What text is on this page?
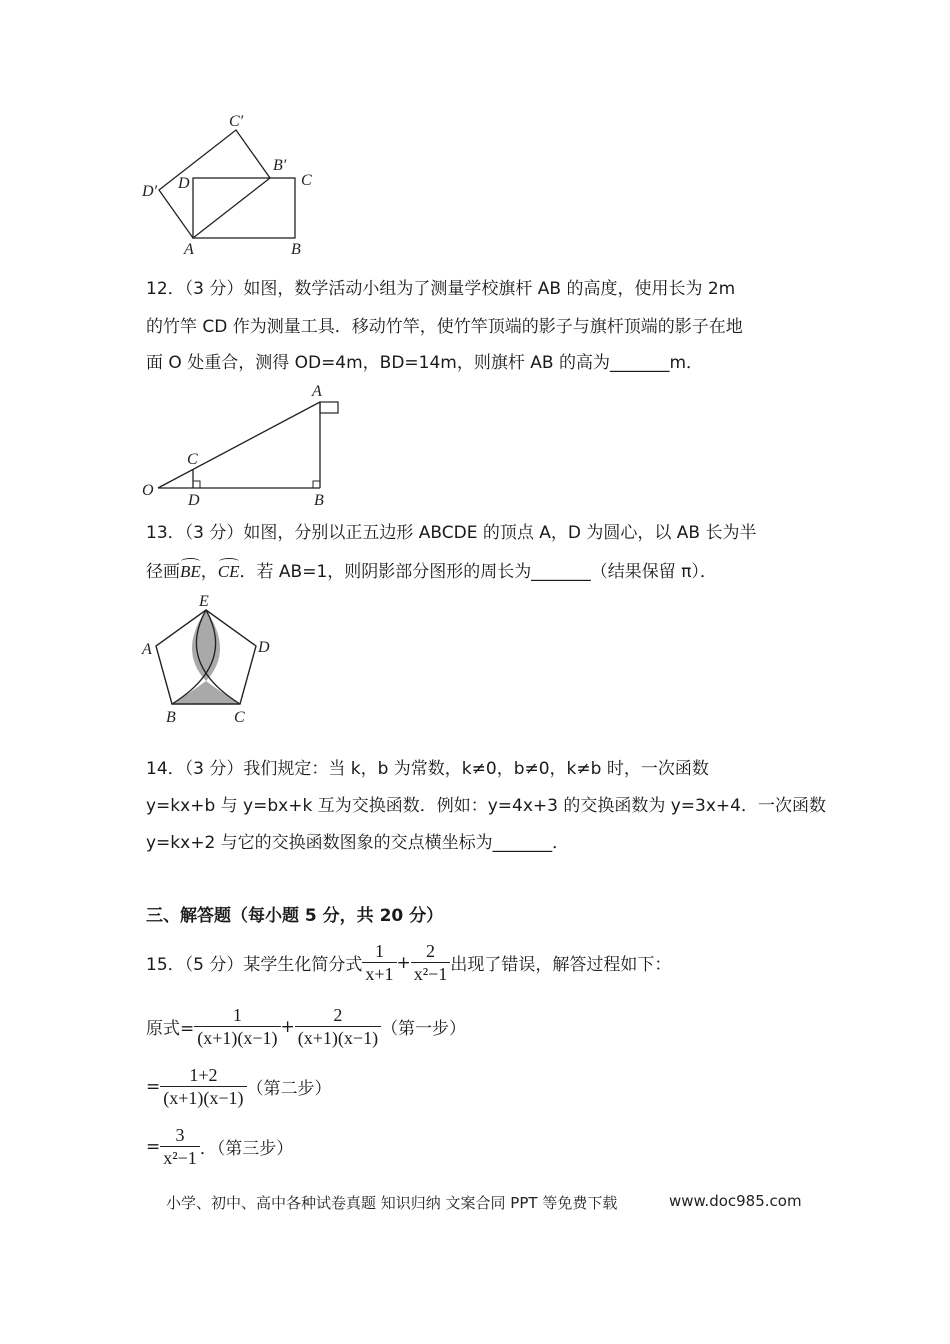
C′
B′
C
D′ D
A	B
12．（3 分）如图，数学活动小组为了测量学校旗杆 AB 的高度，使用长为 2m
的竹竿 CD 作为测量工具．移动竹竿，使竹竿顶端的影子与旗杆顶端的影子在地
面 O 处重合，测得 OD=4m，BD=14m，则旗杆 AB 的高为_______m．
A
C
O
D	B
13．（3 分）如图，分别以正五边形 ABCDE 的顶点 A，D 为圆心，以 AB 长为半
径画BE，CE．若 AB=1，则阴影部分图形的周长为_______（结果保留 π）．
E
A	D
B	C
14．（3 分）我们规定：当 k，b 为常数，k≠0，b≠0，k≠b 时，一次函数
y=kx+b 与 y=bx+k 互为交换函数．例如：y=4x+3 的交换函数为 y=3x+4．一次函数
y=kx+2 与它的交换函数图象的交点横坐标为_______．
三、解答题（每小题 5 分，共 20 分）
15．（5 分）某学生化简分式 $\frac{1}{x+1} + \frac{2}{\text{x²−1}}$ 出现了错误，解答过程如下：
原式= $\frac{1}{(x+1)(x-1)} + \frac{2}{(x+1)(x-1)}$ （第一步）
= $\frac{1+2}{(x+1)(x-1)}$ （第二步）
= $\frac{3}{\text{x²−1}}$ ．（第三步）
小学、初中、高中各种试卷真题 知识归纳 文案合同 PPT 等免费下载	www.doc985.com
